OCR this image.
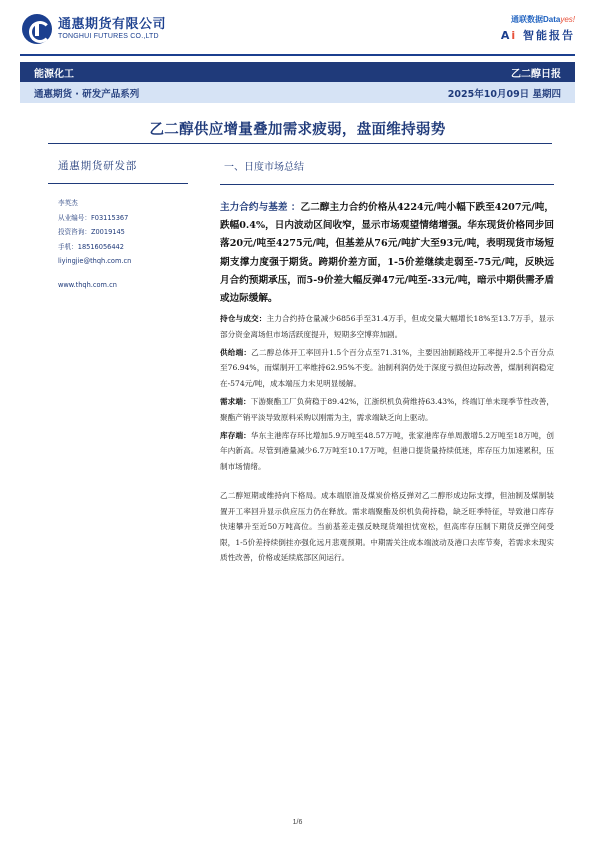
通惠期货有限公司
TONGHUI FUTURES CO.,LTD
通联数据Datayes!
Ai 智能报告
能源化工	乙二醇日报
通惠期货 · 研发产品系列	2025年10月09日 星期四
乙二醇供应增量叠加需求疲弱，盘面维持弱势
通惠期货研发部
李英杰
从业编号：F03115367
投资咨询：Z0019145
手机：18516056442
liyingjie@thqh.com.cn
www.thqh.com.cn
一、日度市场总结
主力合约与基差 ：乙二醇主力合约价格从4224元/吨小幅下跌至4207元/吨，跌幅0.4%，日内波动区间收窄，显示市场观望情绪增强。华东现货价格同步回落20元/吨至4275元/吨，但基差从76元/吨扩大至93元/吨，表明现货市场短期支撑力度强于期货。跨期价差方面，1-5价差继续走弱至-75元/吨，反映远月合约预期承压，而5-9价差大幅反弹47元/吨至-33元/吨，暗示中期供需矛盾或边际缓解。
持仓与成交：主力合约持仓量减少6856手至31.4万手，但成交量大幅增长18%至13.7万手，显示部分资金离场但市场活跃度提升，短期多空博弈加剧。
供给端：乙二醇总体开工率回升1.5个百分点至71.31%，主要因油制路线开工率提升2.5个百分点至76.94%，而煤制开工率维持62.95%不变。油制利润仍处于深度亏损但边际改善，煤制利润稳定在-574元/吨，成本端压力未见明显缓解。
需求端：下游聚酯工厂负荷稳于89.42%，江浙织机负荷维持63.43%，终端订单未现季节性改善，聚酯产销平淡导致原料采购以刚需为主，需求端缺乏向上驱动。
库存端：华东主港库存环比增加5.9万吨至48.57万吨，张家港库存单周激增5.2万吨至18万吨，创年内新高。尽管到港量减少6.7万吨至10.17万吨，但港口提货量持续低迷，库存压力加速累积，压制市场情绪。
乙二醇短期或维持向下格局。成本端原油及煤炭价格反弹对乙二醇形成边际支撑，但油制及煤制装置开工率回升显示供应压力仍在释放。需求端聚酯及织机负荷持稳，缺乏旺季特征，导致港口库存快速攀升至近50万吨高位。当前基差走强反映现货端担忧宽松，但高库存压制下期货反弹空间受限，1-5价差持续倒挂亦强化远月悲观预期。中期需关注成本端波动及港口去库节奏，若需求未现实质性改善，价格或延续底部区间运行。
1/6
